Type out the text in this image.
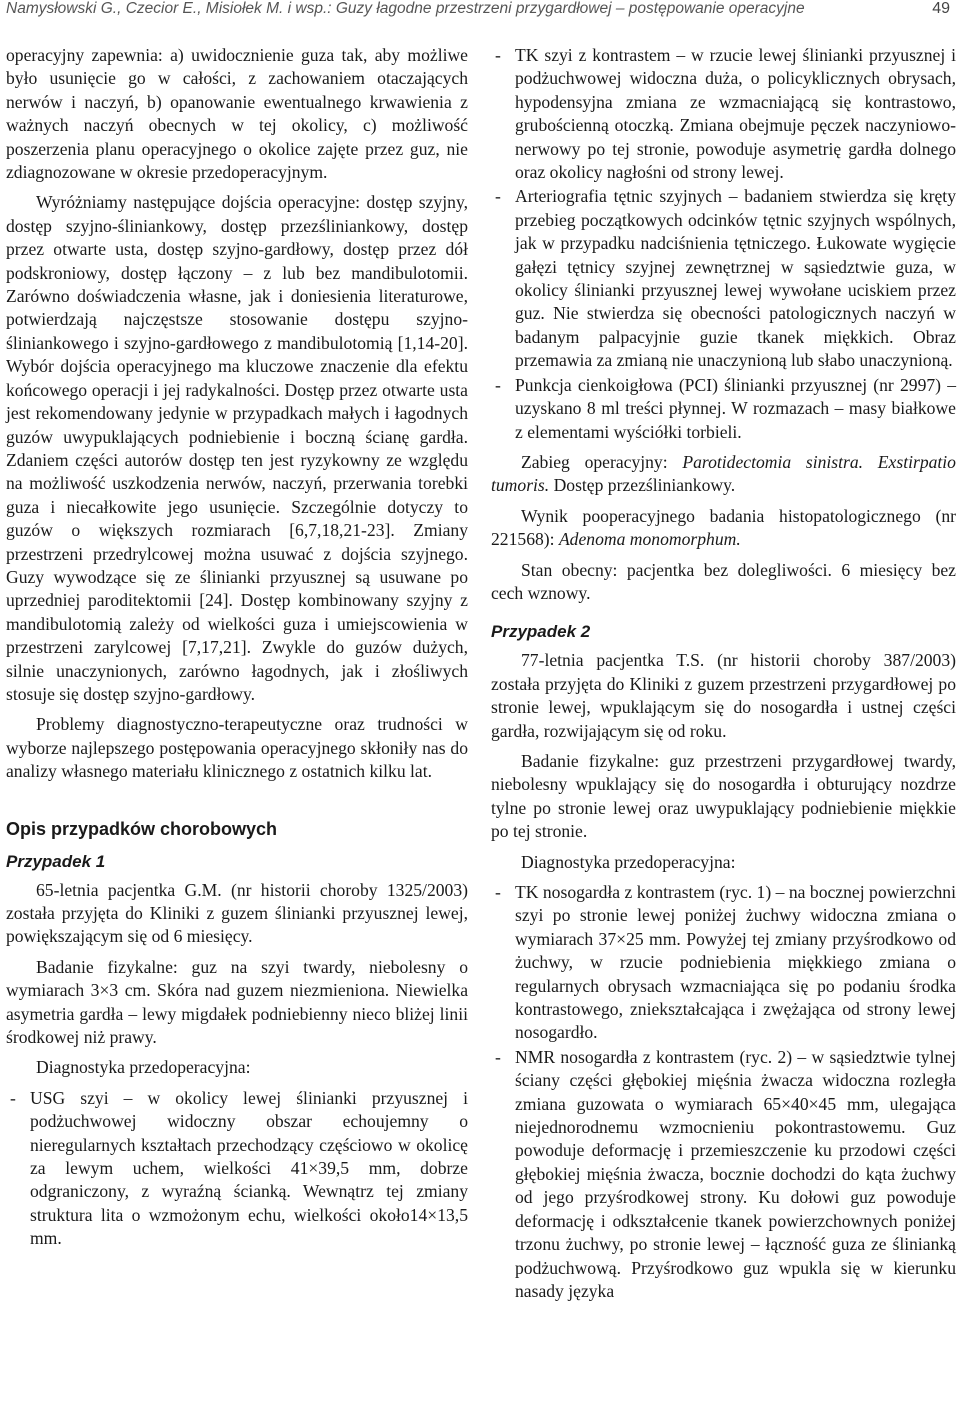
Namysłowski G., Czecior E., Misiołek M. i wsp.: Guzy łagodne przestrzeni przygardłowej – postępowanie operacyjne	49

operacyjny zapewnia: a) uwidocznienie guza tak, aby możliwe było usunięcie go w całości, z zachowaniem otaczających nerwów i naczyń, b) opanowanie ewentualnego krwawienia z ważnych naczyń obecnych w tej okolicy, c) możliwość poszerzenia planu operacyjnego o okolice zajęte przez guz, nie zdiagnozowane w okresie przedoperacyjnym.

Wyróżniamy następujące dojścia operacyjne: dostęp szyjny, dostęp szyjno-śliniankowy, dostęp przezśliniankowy, dostęp przez otwarte usta, dostęp szyjno-gardłowy, dostęp przez dół podskroniowy, dostęp łączony – z lub bez mandibulotomii. Zarówno doświadczenia własne, jak i doniesienia literaturowe, potwierdzają najczęstsze stosowanie dostępu szyjno-śliniankowego i szyjno-gardłowego z mandibulotomią [1,14-20]. Wybór dojścia operacyjnego ma kluczowe znaczenie dla efektu końcowego operacji i jej radykalności. Dostęp przez otwarte usta jest rekomendowany jedynie w przypadkach małych i łagodnych guzów uwypuklających podniebienie i boczną ścianę gardła. Zdaniem części autorów dostęp ten jest ryzykowny ze względu na możliwość uszkodzenia nerwów, naczyń, przerwania torebki guza i niecałkowite jego usunięcie. Szczególnie dotyczy to guzów o większych rozmiarach [6,7,18,21-23]. Zmiany przestrzeni przedrylcowej można usuwać z dojścia szyjnego. Guzy wywodzące się ze ślinianki przyusznej są usuwane po uprzedniej paroditektomii [24]. Dostęp kombinowany szyjny z mandibulotomią zależy od wielkości guza i umiejscowienia w przestrzeni zarylcowej [7,17,21]. Zwykle do guzów dużych, silnie unaczynionych, zarówno łagodnych, jak i złośliwych stosuje się dostęp szyjno-gardłowy.

Problemy diagnostyczno-terapeutyczne oraz trudności w wyborze najlepszego postępowania operacyjnego skłoniły nas do analizy własnego materiału klinicznego z ostatnich kilku lat.

Opis przypadków chorobowych
Przypadek 1

65-letnia pacjentka G.M. (nr historii choroby 1325/2003) została przyjęta do Kliniki z guzem ślinianki przyusznej lewej, powiększającym się od 6 miesięcy.

Badanie fizykalne: guz na szyi twardy, niebolesny o wymiarach 3×3 cm. Skóra nad guzem niezmieniona. Niewielka asymetria gardła – lewy migdałek podniebienny nieco bliżej linii środkowej niż prawy.

Diagnostyka przedoperacyjna:

- USG szyi – w okolicy lewej ślinianki przyusznej i podżuchwowej widoczny obszar echoujemny o nieregularnych kształtach przechodzący częściowo w okolicę za lewym uchem, wielkości 41×39,5 mm, dobrze odgraniczony, z wyraźną ścianką. Wewnątrz tej zmiany struktura lita o wzmożonym echu, wielkości około14×13,5 mm.
- TK szyi z kontrastem – w rzucie lewej ślinianki przyusznej i podżuchwowej widoczna duża, o policyklicznych obrysach, hypodensyjna zmiana ze wzmacniającą się kontrastowo, grubościenną otoczką. Zmiana obejmuje pęczek naczyniowo-nerwowy po tej stronie, powoduje asymetrię gardła dolnego oraz okolicy nagłośni od strony lewej.
- Arteriografia tętnic szyjnych – badaniem stwierdza się kręty przebieg początkowych odcinków tętnic szyjnych wspólnych, jak w przypadku nadciśnienia tętniczego. Łukowate wygięcie gałęzi tętnicy szyjnej zewnętrznej w sąsiedztwie guza, w okolicy ślinianki przyusznej lewej wywołane uciskiem przez guz. Nie stwierdza się obecności patologicznych naczyń w badanym palpacyjnie guzie tkanek miękkich. Obraz przemawia za zmianą nie unaczynioną lub słabo unaczynioną.
- Punkcja cienkoigłowa (PCI) ślinianki przyusznej (nr 2997) – uzyskano 8 ml treści płynnej. W rozmazach – masy białkowe z elementami wyściółki torbieli.

Zabieg operacyjny: Parotidectomia sinistra. Exstirpatio tumoris. Dostęp przezśliniankowy.

Wynik pooperacyjnego badania histopatologicznego (nr 221568): Adenoma monomorphum.

Stan obecny: pacjentka bez dolegliwości. 6 miesięcy bez cech wznowy.

Przypadek 2

77-letnia pacjentka T.S. (nr historii choroby 387/2003) została przyjęta do Kliniki z guzem przestrzeni przygardłowej po stronie lewej, wpuklającym się do nosogardła i ustnej części gardła, rozwijającym się od roku.

Badanie fizykalne: guz przestrzeni przygardłowej twardy, niebolesny wpuklający się do nosogardła i obturujący nozdrze tylne po stronie lewej oraz uwypuklający podniebienie miękkie po tej stronie.

Diagnostyka przedoperacyjna:

- TK nosogardła z kontrastem (ryc. 1) – na bocznej powierzchni szyi po stronie lewej poniżej żuchwy widoczna zmiana o wymiarach 37×25 mm. Powyżej tej zmiany przyśrodkowo od żuchwy, w rzucie podniebienia miękkiego zmiana o regularnych obrysach wzmacniająca się po podaniu środka kontrastowego, zniekształcająca i zwężająca od strony lewej nosogardło.
- NMR nosogardła z kontrastem (ryc. 2) – w sąsiedztwie tylnej ściany części głębokiej mięśnia żwacza widoczna rozległa zmiana guzowata o wymiarach 65×40×45 mm, ulegająca niejednorodnemu wzmocnieniu pokontrastowemu. Guz powoduje deformację i przemieszczenie ku przodowi części głębokiej mięśnia żwacza, bocznie dochodzi do kąta żuchwy od jego przyśrodkowej strony. Ku dołowi guz powoduje deformację i odkształcenie tkanek powierzchownych poniżej trzonu żuchwy, po stronie lewej – łączność guza ze ślinianką podżuchwową. Przyśrodkowo guz wpukla się w kierunku nasady języka
